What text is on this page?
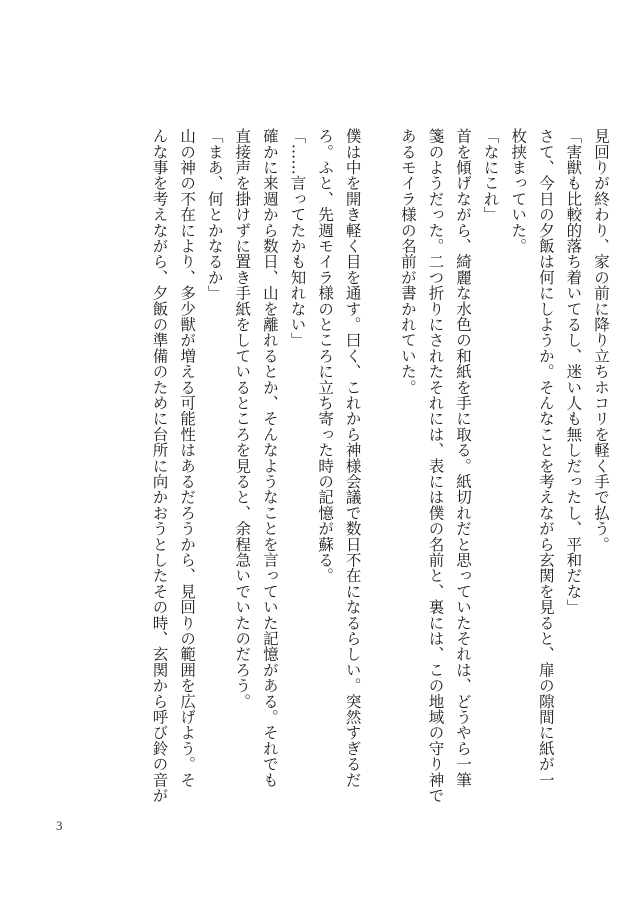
見回りが終わり、家の前に降り立ちホコリを軽く手で払う。
「害獣も比較的落ち着いてるし、迷い人も無しだったし、平和だな」
さて、今日の夕飯は何にしようか。そんなことを考えながら玄関を見ると、扉の隙間に紙が一
枚挟まっていた。
「なにこれ」
首を傾げながら、綺麗な水色の和紙を手に取る。紙切れだと思っていたそれは、どうやら一筆
箋のようだった。二つ折りにされたそれには、表には僕の名前と、裏には、この地域の守り神で
あるモイラ様の名前が書かれていた。
僕は中を開き軽く目を通す。曰く、これから神様会議で数日不在になるらしい。突然すぎるだ
ろ。ふと、先週モイラ様のところに立ち寄った時の記憶が蘇る。
「……言ってたかも知れない」
確かに来週から数日、山を離れるとか、そんなようなことを言っていた記憶がある。それでも
直接声を掛けずに置き手紙をしているところを見ると、余程急いでいたのだろう。
「まあ、何とかなるか」
山の神の不在により、多少獣が増える可能性はあるだろうから、見回りの範囲を広げよう。そ
んな事を考えながら、夕飯の準備のために台所に向かおうとしたその時、玄関から呼び鈴の音が
3
